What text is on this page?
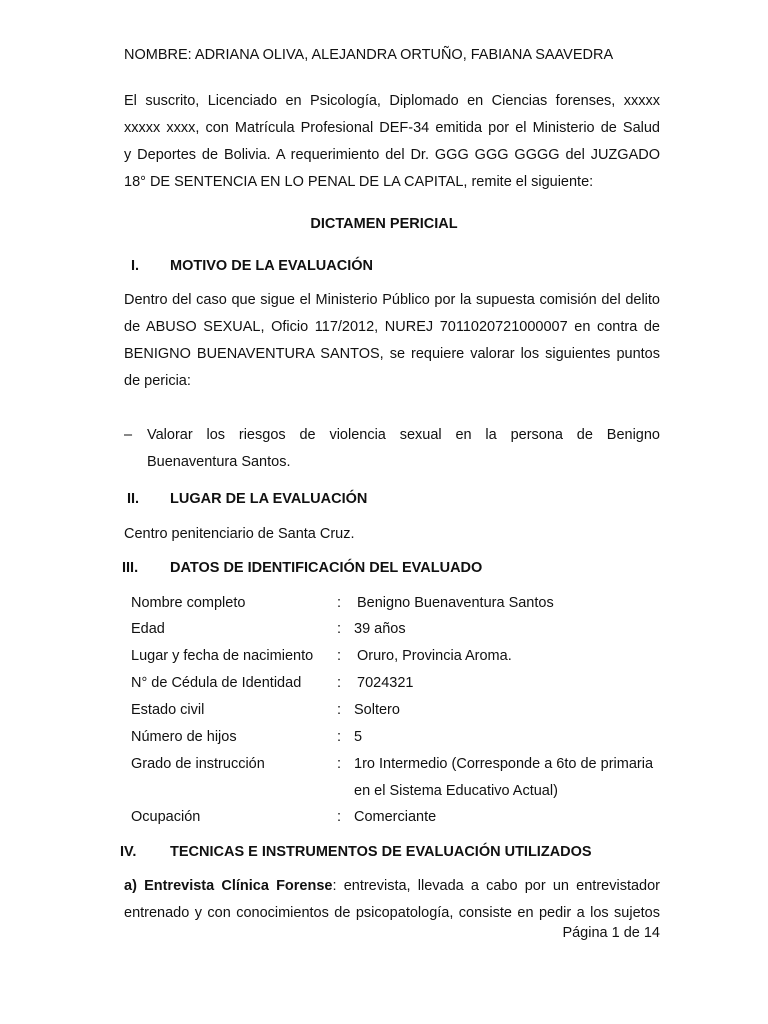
NOMBRE: ADRIANA OLIVA, ALEJANDRA ORTUÑO, FABIANA SAAVEDRA
El suscrito, Licenciado en Psicología, Diplomado en Ciencias forenses, xxxxx
xxxxx xxxx, con Matrícula Profesional DEF-34 emitida por el Ministerio de Salud
y Deportes de Bolivia. A requerimiento del Dr. GGG GGG GGGG del JUZGADO
18° DE SENTENCIA EN LO PENAL DE LA CAPITAL, remite el siguiente:
DICTAMEN PERICIAL
I. MOTIVO DE LA EVALUACIÓN
Dentro del caso que sigue el Ministerio Público por la supuesta comisión del delito
de ABUSO SEXUAL, Oficio 117/2012, NUREJ 7011020721000007 en contra de
BENIGNO BUENAVENTURA SANTOS, se requiere valorar los siguientes puntos
de pericia:
– Valorar los riesgos de violencia sexual en la persona de Benigno
Buenaventura Santos.
II. LUGAR DE LA EVALUACIÓN
Centro penitenciario de Santa Cruz.
III. DATOS DE IDENTIFICACIÓN DEL EVALUADO
Nombre completo	: Benigno Buenaventura Santos
Edad	: 39 años
Lugar y fecha de nacimiento : Oruro, Provincia Aroma.
N° de Cédula de Identidad : 7024321
Estado civil	: Soltero
Número de hijos	: 5
Grado de instrucción	: 1ro Intermedio (Corresponde a 6to de primaria
en el Sistema Educativo Actual)
Ocupación	: Comerciante
IV. TECNICAS E INSTRUMENTOS DE EVALUACIÓN UTILIZADOS
a) Entrevista Clínica Forense: entrevista, llevada a cabo por un entrevistador
entrenado y con conocimientos de psicopatología, consiste en pedir a los sujetos
Página 1 de 14
